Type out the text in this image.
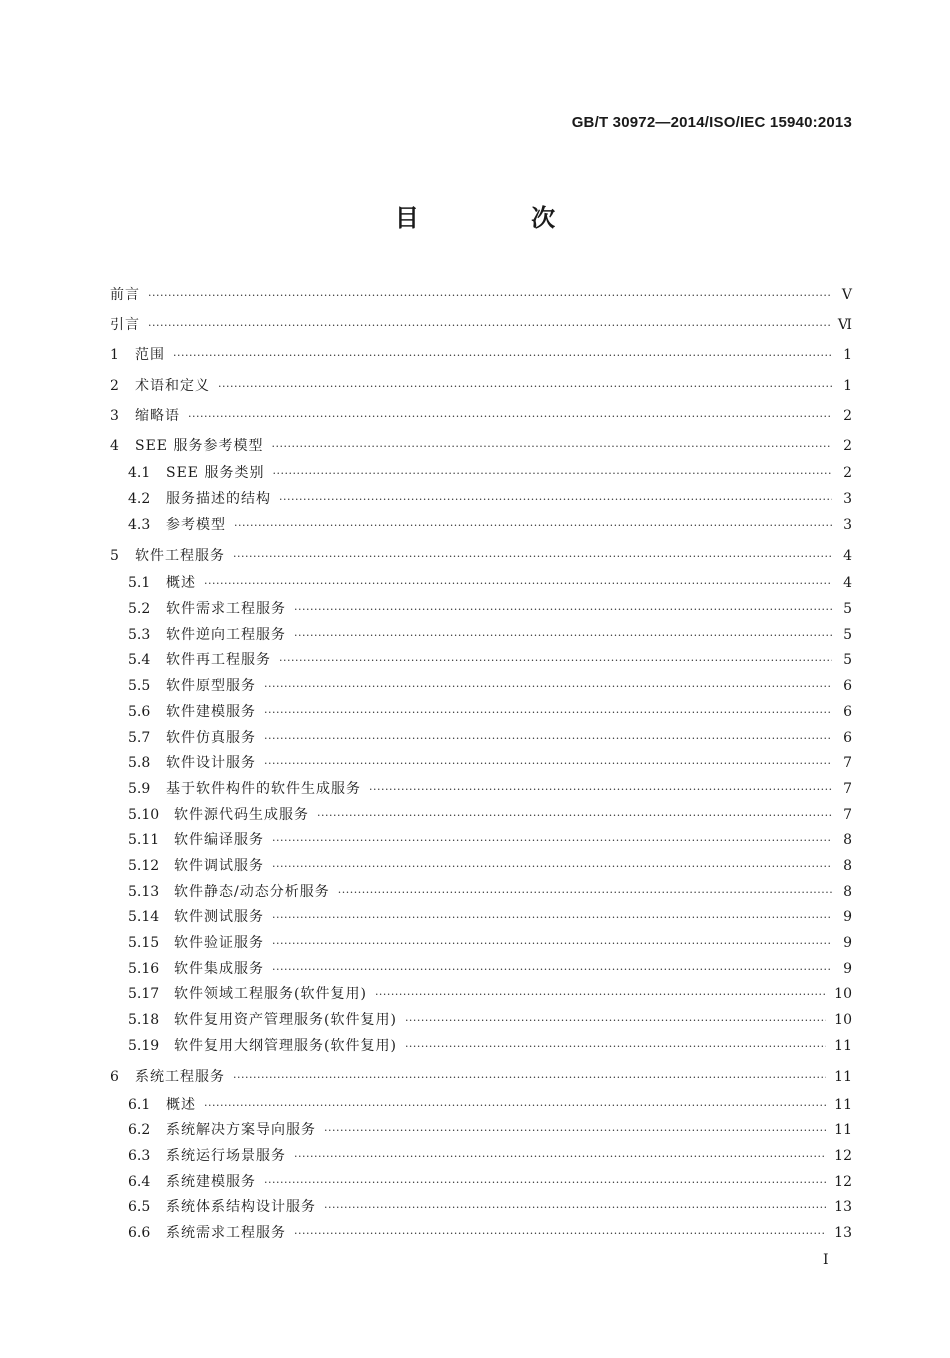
GB/T 30972—2014/ISO/IEC 15940:2013
目 次
前言 ·····	Ⅴ
引言 ·····	Ⅵ
1	范围 ·····	1
2	术语和定义 ·····	1
3	缩略语 ·····	2
4	SEE 服务参考模型 ·····	2
4.1	SEE 服务类别 ·····	2
4.2	服务描述的结构 ·····	3
4.3	参考模型 ·····	3
5	软件工程服务 ·····	4
5.1	概述 ·····	4
5.2	软件需求工程服务 ·····	5
5.3	软件逆向工程服务 ·····	5
5.4	软件再工程服务 ·····	5
5.5	软件原型服务 ·····	6
5.6	软件建模服务 ·····	6
5.7	软件仿真服务 ·····	6
5.8	软件设计服务 ·····	7
5.9	基于软件构件的软件生成服务 ·····	7
5.10	软件源代码生成服务 ·····	7
5.11	软件编译服务 ·····	8
5.12	软件调试服务 ·····	8
5.13	软件静态/动态分析服务 ·····	8
5.14	软件测试服务 ·····	9
5.15	软件验证服务 ·····	9
5.16	软件集成服务 ·····	9
5.17	软件领域工程服务(软件复用) ·····	10
5.18	软件复用资产管理服务(软件复用) ·····	10
5.19	软件复用大纲管理服务(软件复用) ·····	11
6	系统工程服务 ·····	11
6.1	概述 ·····	11
6.2	系统解决方案导向服务 ·····	11
6.3	系统运行场景服务 ·····	12
6.4	系统建模服务 ·····	12
6.5	系统体系结构设计服务 ·····	13
6.6	系统需求工程服务 ·····	13
Ⅰ
